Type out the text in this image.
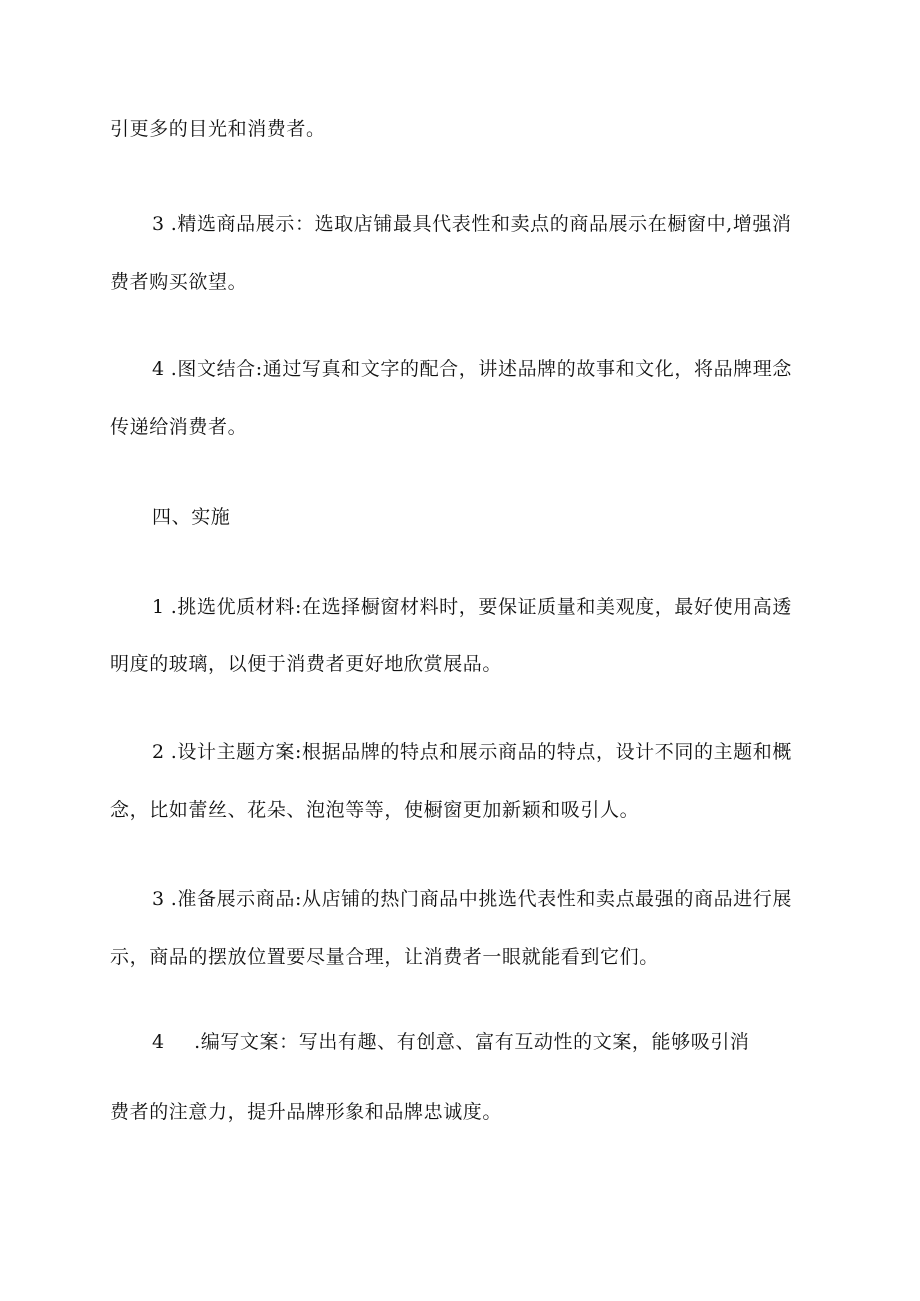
引更多的目光和消费者。
3 .精选商品展示：选取店铺最具代表性和卖点的商品展示在橱窗中,增强消
费者购买欲望。
4 .图文结合:通过写真和文字的配合，讲述品牌的故事和文化，将品牌理念
传递给消费者。
四、实施
1 .挑选优质材料:在选择橱窗材料时，要保证质量和美观度，最好使用高透
明度的玻璃，以便于消费者更好地欣赏展品。
2 .设计主题方案:根据品牌的特点和展示商品的特点，设计不同的主题和概
念，比如蕾丝、花朵、泡泡等等，使橱窗更加新颖和吸引人。
3 .准备展示商品:从店铺的热门商品中挑选代表性和卖点最强的商品进行展
示，商品的摆放位置要尽量合理，让消费者一眼就能看到它们。
4 .编写文案：写出有趣、有创意、富有互动性的文案，能够吸引消
费者的注意力，提升品牌形象和品牌忠诚度。
